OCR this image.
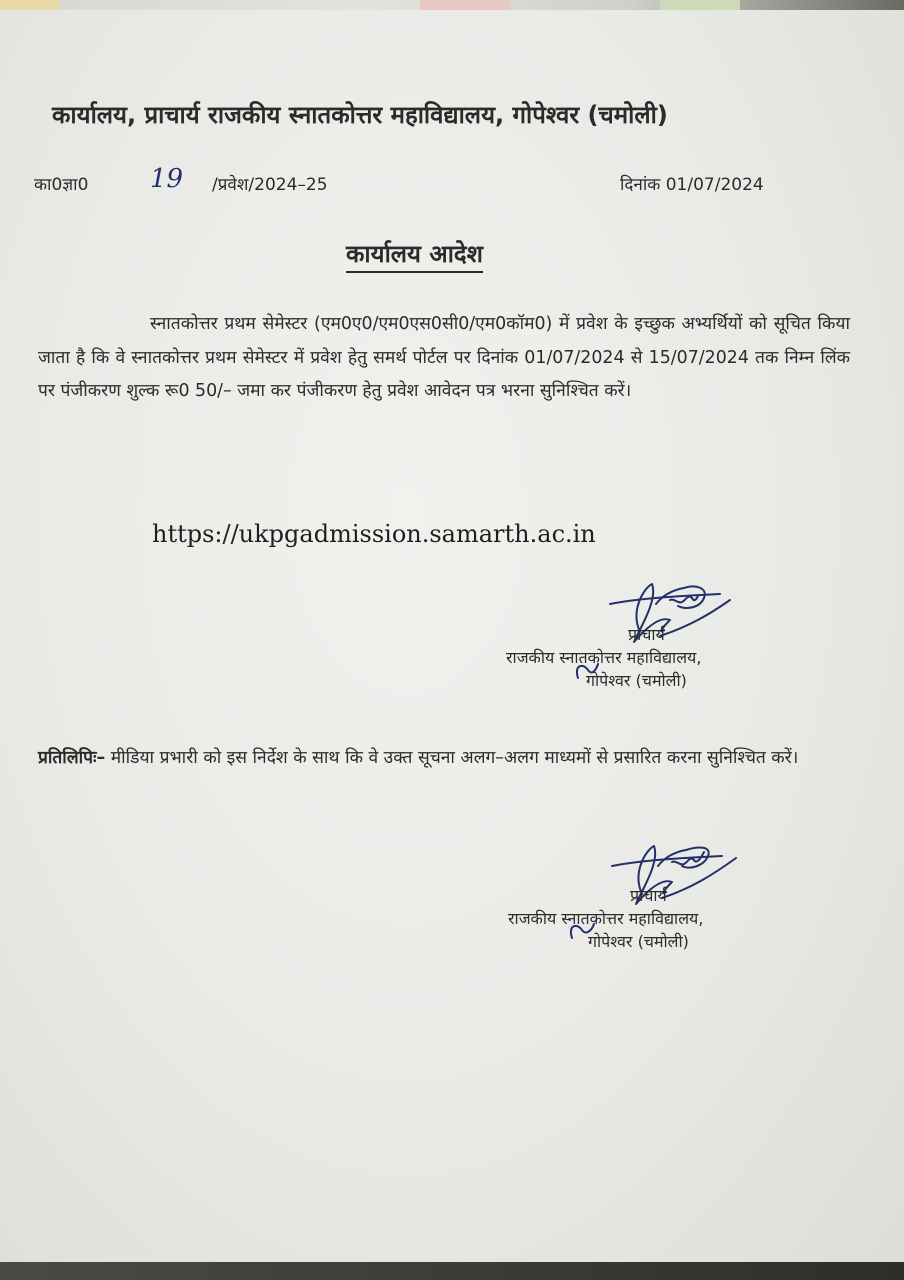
कार्यालय, प्राचार्य राजकीय स्नातकोत्तर महाविद्यालय, गोपेश्वर (चमोली)
का0ज्ञा0 19 /प्रवेश/2024–25	दिनांक 01/07/2024
कार्यालय आदेश
स्नातकोत्तर प्रथम सेमेस्टर (एम0ए0/एम0एस0सी0/एम0कॉम0) में प्रवेश के इच्छुक अभ्यर्थियों को सूचित किया जाता है कि वे स्नातकोत्तर प्रथम सेमेस्टर में प्रवेश हेतु समर्थ पोर्टल पर दिनांक 01/07/2024 से 15/07/2024 तक निम्न लिंक पर पंजीकरण शुल्क रू0 50/– जमा कर पंजीकरण हेतु प्रवेश आवेदन पत्र भरना सुनिश्चित करें।
https://ukpgadmission.samarth.ac.in
प्राचार्य
राजकीय स्नातकोत्तर महाविद्यालय,
गोपेश्वर (चमोली)
प्रतिलिपिः– मीडिया प्रभारी को इस निर्देश के साथ कि वे उक्त सूचना अलग–अलग माध्यमों से प्रसारित करना सुनिश्चित करें।
प्राचार्य
राजकीय स्नातकोत्तर महाविद्यालय,
गोपेश्वर (चमोली)
